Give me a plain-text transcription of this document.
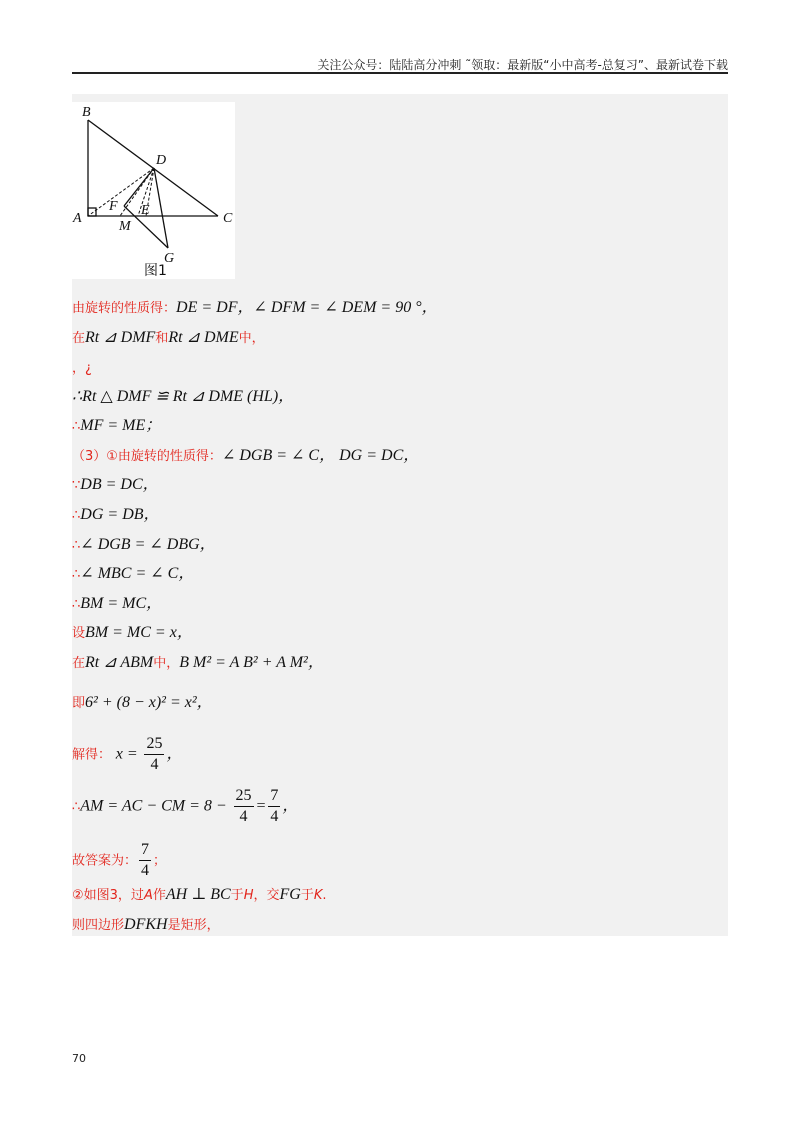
关注公众号：陆陆高分冲刺 ˜领取：最新版“小中高考-总复习”、最新试卷下载
B
D
A
F E
C
M
G
图1
由旋转的性质得：DE = DF，∠ DFM = ∠ DEM = 90 °，
在Rt ⊿ DMF和Rt ⊿ DME中，
，¿
∴Rt △ DMF ≌ Rt ⊿ DME (HL)，
∴MF = ME；
（3）①由旋转的性质得：∠ DGB = ∠ C， DG = DC，
∵DB = DC，
∴DG = DB，
∴∠ DGB = ∠ DBG，
∴∠ MBC = ∠ C，
∴BM = MC，
设BM = MC = x，
在Rt ⊿ ABM中，B M² = A B² + A M²，
即6² + (8 − x)² = x²，
解得： $x = \frac{25}{4}$ ，
∴AM = AC − CM = $8 - \frac{25}{4} = \frac{7}{4}$ ，
故答案为： $\frac{7}{4}$ ；
②如图3，过A作AH ⊥ BC于H，交FG于K.
则四边形DFKH是矩形，
70
